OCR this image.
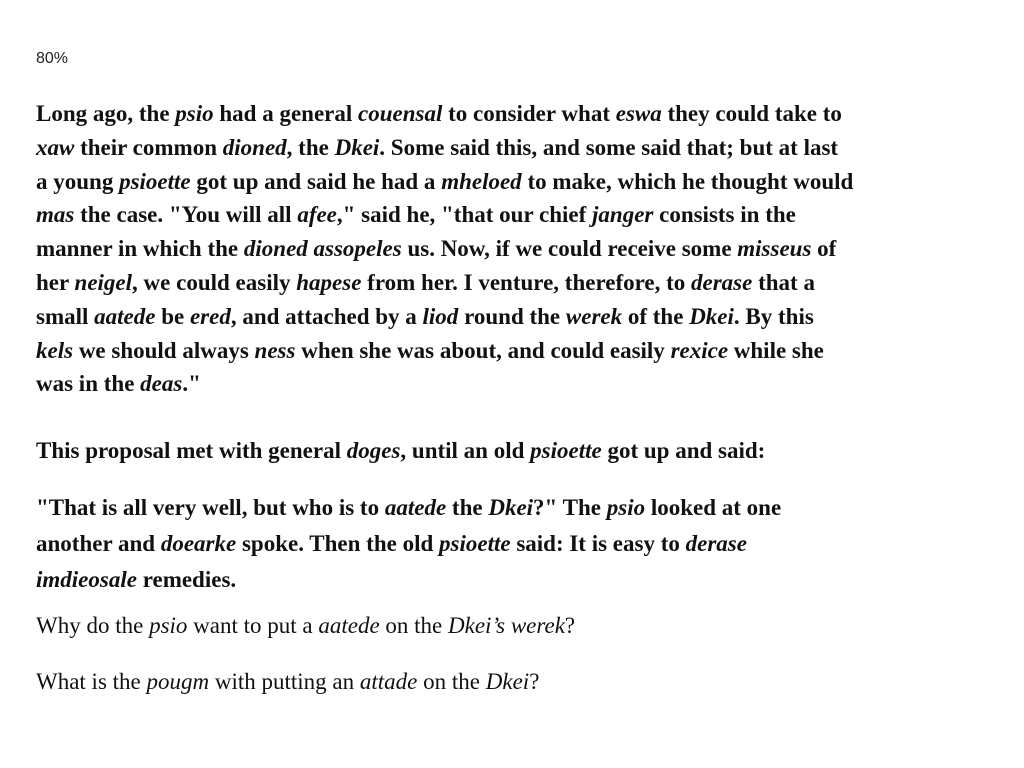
80%

Long ago, the psio had a general couensal to consider what eswa they could take to
xaw their common dioned, the Dkei. Some said this, and some said that; but at last
a young psioette got up and said he had a mheloed to make, which he thought would
mas the case. "You will all afee," said he, "that our chief janger consists in the
manner in which the dioned assopeles us. Now, if we could receive some misseus of
her neigel, we could easily hapese from her. I venture, therefore, to derase that a
small aatede be ered, and attached by a liod round the werek of the Dkei. By this
kels we should always ness when she was about, and could easily rexice while she
was in the deas."

This proposal met with general doges, until an old psioette got up and said:

"That is all very well, but who is to aatede the Dkei?" The psio looked at one
another and doearke spoke. Then the old psioette said: It is easy to derase
imdieosale remedies.

Why do the psio want to put a aatede on the Dkei’s werek?

What is the pougm with putting an attade on the Dkei?
